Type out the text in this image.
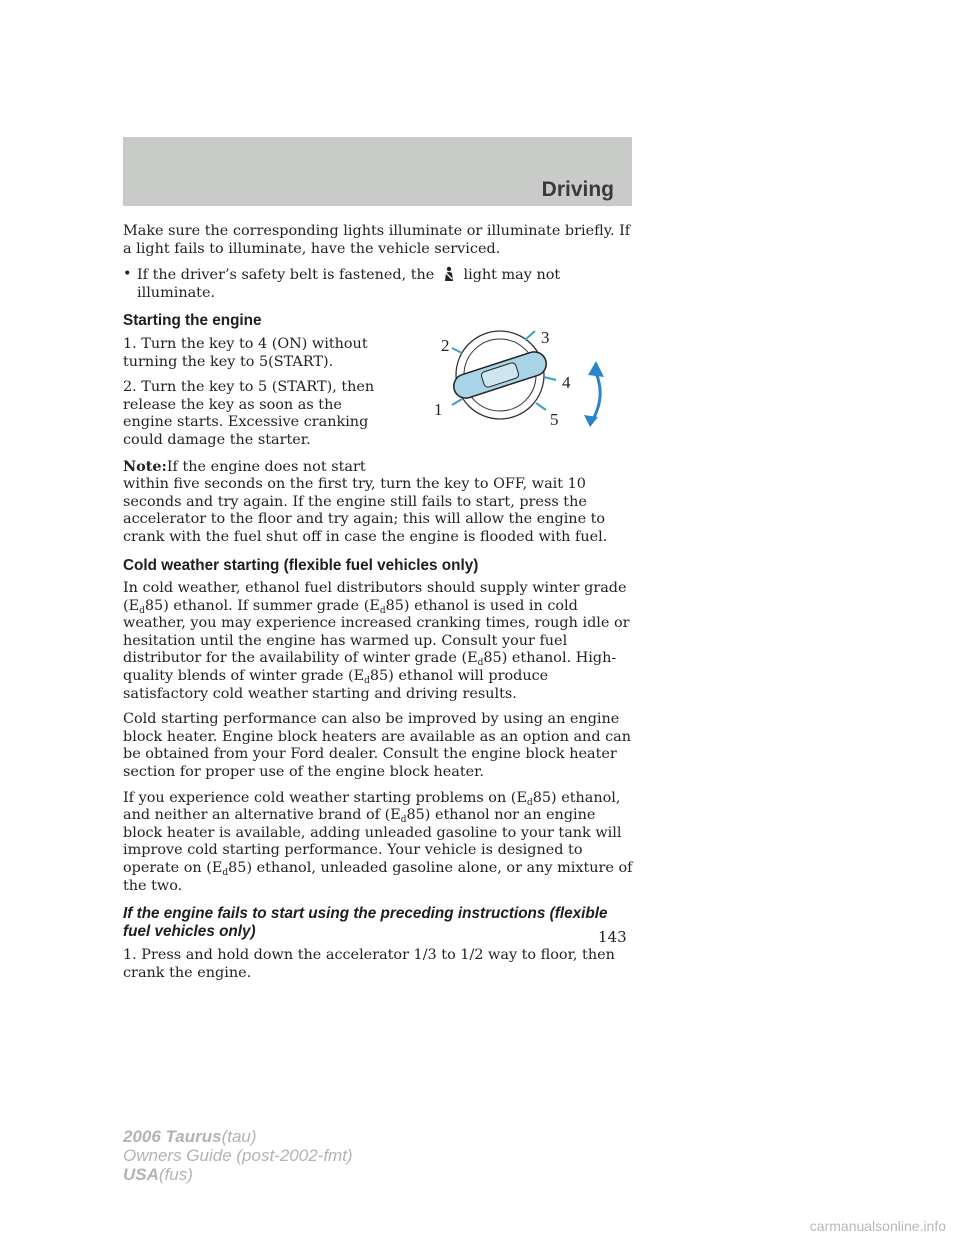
Driving

Make sure the corresponding lights illuminate or illuminate briefly. If a light fails to illuminate, have the vehicle serviced.

• If the driver’s safety belt is fastened, the light may not illuminate.
Starting the engine

1. Turn the key to 4 (ON) without turning the key to 5(START).

2. Turn the key to 5 (START), then release the key as soon as the engine starts. Excessive cranking could damage the starter.

Note:If the engine does not start
within five seconds on the first try, turn the key to OFF, wait 10 seconds and try again. If the engine still fails to start, press the accelerator to the floor and try again; this will allow the engine to crank with the fuel shut off in case the engine is flooded with fuel.

Cold weather starting (flexible fuel vehicles only)

In cold weather, ethanol fuel distributors should supply winter grade $(E_d85)$ ethanol. If summer grade $(E_d85)$ ethanol is used in cold weather, you may experience increased cranking times, rough idle or hesitation until the engine has warmed up. Consult your fuel distributor for the availability of winter grade $(E_d85)$ ethanol. High-quality blends of winter grade $(E_d85)$ ethanol will produce satisfactory cold weather starting and driving results.

Cold starting performance can also be improved by using an engine block heater. Engine block heaters are available as an option and can be obtained from your Ford dealer. Consult the engine block heater section for proper use of the engine block heater.

If you experience cold weather starting problems on $(E_d85)$ ethanol, and neither an alternative brand of $(E_d85)$ ethanol nor an engine block heater is available, adding unleaded gasoline to your tank will improve cold starting performance. Your vehicle is designed to operate on $(E_d85)$ ethanol, unleaded gasoline alone, or any mixture of the two.

If the engine fails to start using the preceding instructions (flexible fuel vehicles only)

1. Press and hold down the accelerator 1/3 to 1/2 way to floor, then crank the engine.

1
2	3
4
5
143
2006 Taurus(tau)
Owners Guide (post-2002-fmt)
USA(fus)
carmanualsonline.info
